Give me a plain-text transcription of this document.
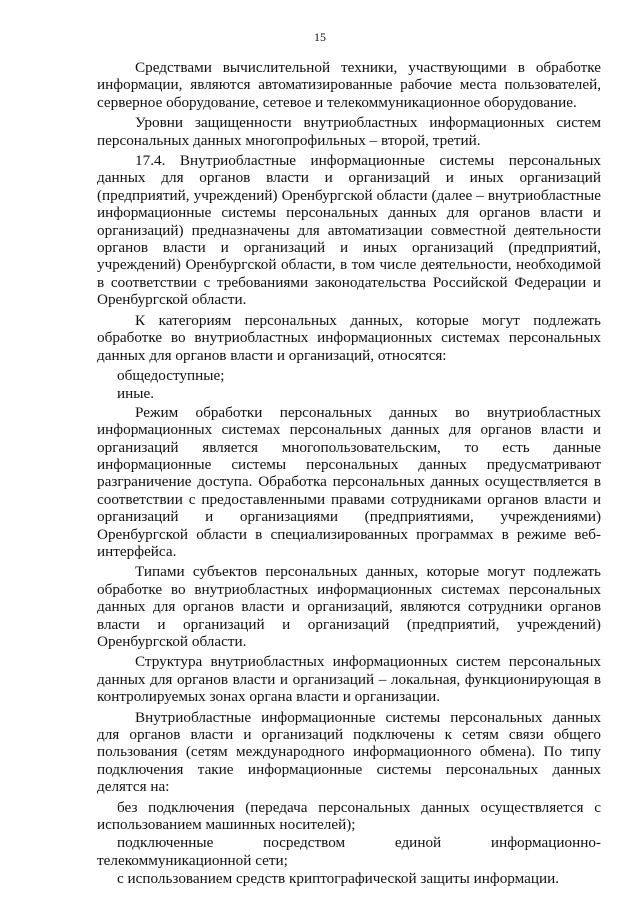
15

Средствами вычислительной техники, участвующими в обработке информации, являются автоматизированные рабочие места пользователей, серверное оборудование, сетевое и телекоммуникационное оборудование.

Уровни защищенности внутриобластных информационных систем персональных данных многопрофильных – второй, третий.

17.4. Внутриобластные информационные системы персональных данных для органов власти и организаций и иных организаций (предприятий, учреждений) Оренбургской области (далее – внутриобластные информационные системы персональных данных для органов власти и организаций) предназначены для автоматизации совместной деятельности органов власти и организаций и иных организаций (предприятий, учреждений) Оренбургской области, в том числе деятельности, необходимой в соответствии с требованиями законодательства Российской Федерации и Оренбургской области.

К категориям персональных данных, которые могут подлежать обработке во внутриобластных информационных системах персональных данных для органов власти и организаций, относятся:

общедоступные;

иные.

Режим обработки персональных данных во внутриобластных информационных системах персональных данных для органов власти и организаций является многопользовательским, то есть данные информационные системы персональных данных предусматривают разграничение доступа. Обработка персональных данных осуществляется в соответствии с предоставленными правами сотрудниками органов власти и организаций и организациями (предприятиями, учреждениями) Оренбургской области в специализированных программах в режиме веб-интерфейса.

Типами субъектов персональных данных, которые могут подлежать обработке во внутриобластных информационных системах персональных данных для органов власти и организаций, являются сотрудники органов власти и организаций и организаций (предприятий, учреждений) Оренбургской области.

Структура внутриобластных информационных систем персональных данных для органов власти и организаций – локальная, функционирующая в контролируемых зонах органа власти и организации.

Внутриобластные информационные системы персональных данных для органов власти и организаций подключены к сетям связи общего пользования (сетям международного информационного обмена). По типу подключения такие информационные системы персональных данных делятся на:

без подключения (передача персональных данных осуществляется с использованием машинных носителей);

подключенные посредством единой информационно-телекоммуникационной сети;

с использованием средств криптографической защиты информации.
